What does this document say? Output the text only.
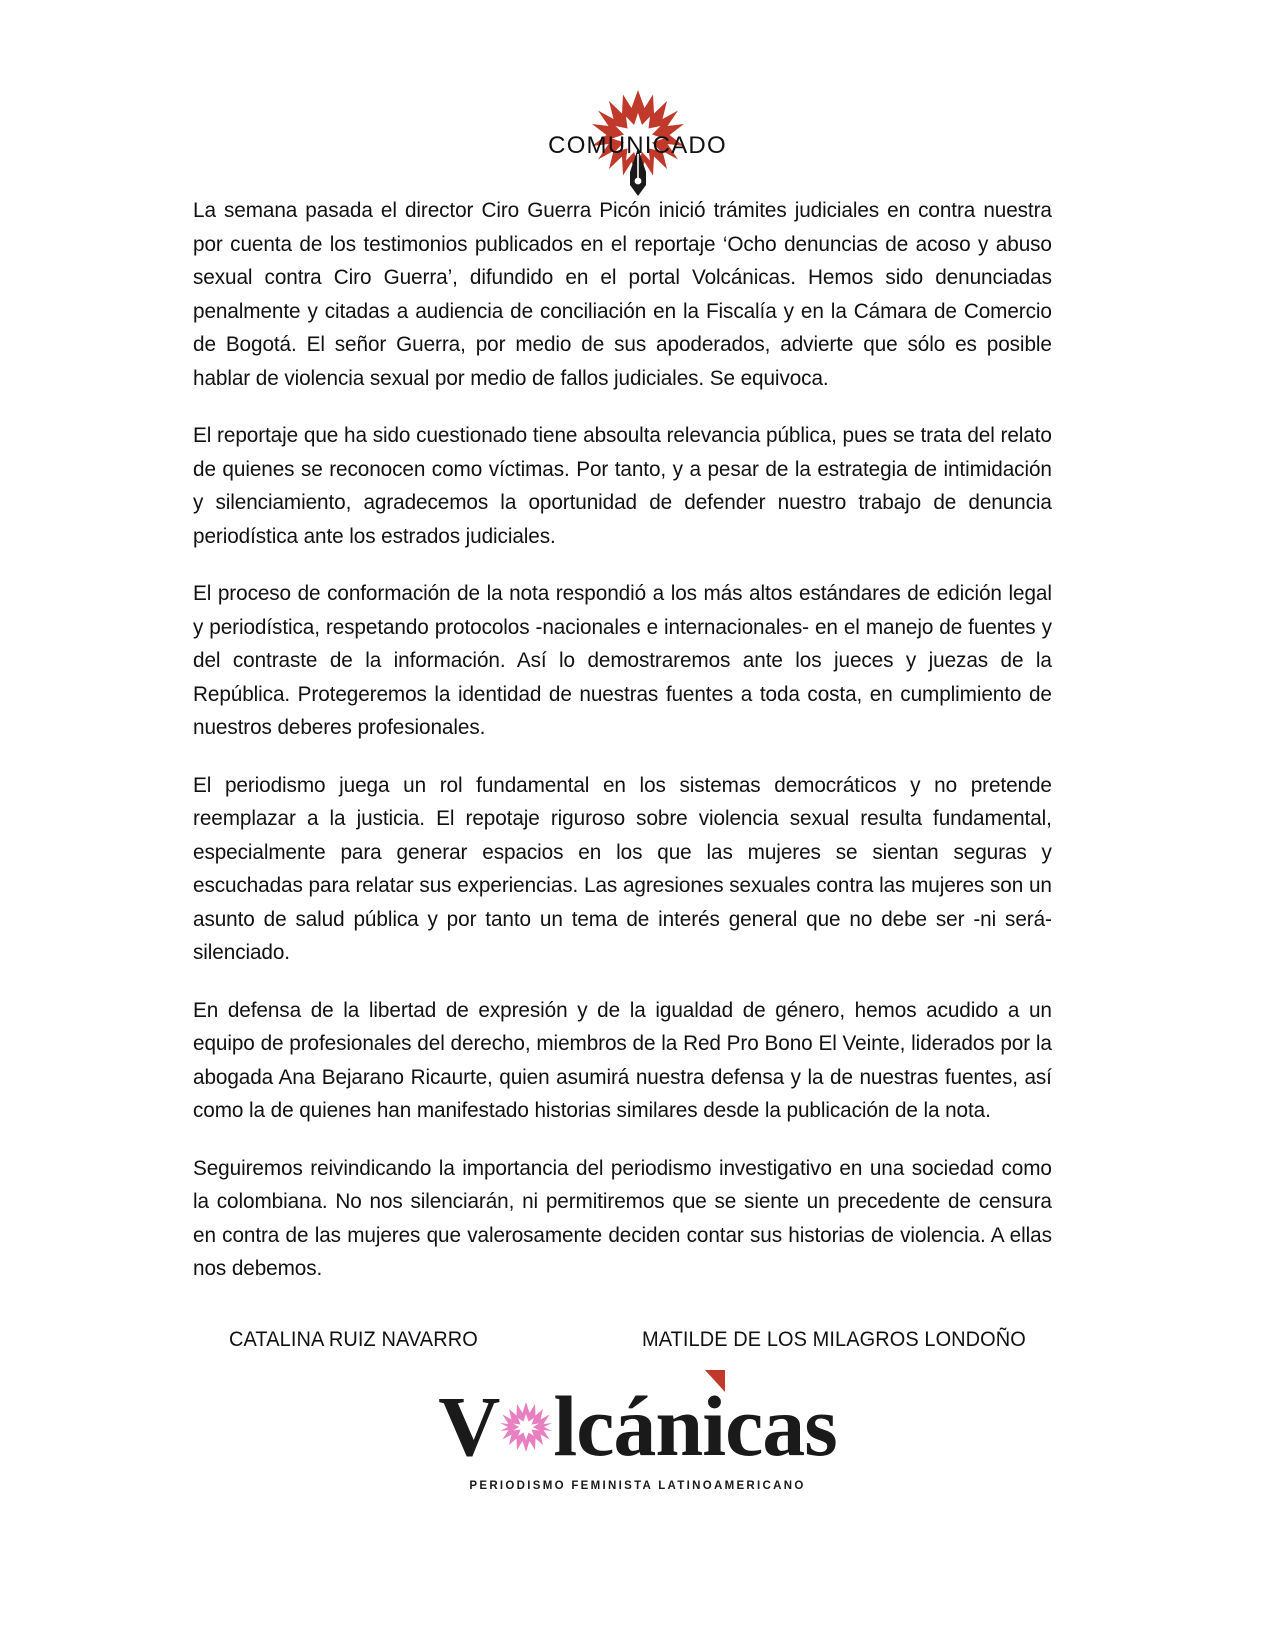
COMUNICADO

La semana pasada el director Ciro Guerra Picón inició trámites judiciales en contra nuestra por cuenta de los testimonios publicados en el reportaje ‘Ocho denuncias de acoso y abuso sexual contra Ciro Guerra’, difundido en el portal Volcánicas. Hemos sido denunciadas penalmente y citadas a audiencia de conciliación en la Fiscalía y en la Cámara de Comercio de Bogotá. El señor Guerra, por medio de sus apoderados, advierte que sólo es posible hablar de violencia sexual por medio de fallos judiciales. Se equivoca.

El reportaje que ha sido cuestionado tiene absoulta relevancia pública, pues se trata del relato de quienes se reconocen como víctimas. Por tanto, y a pesar de la estrategia de intimidación y silenciamiento, agradecemos la oportunidad de defender nuestro trabajo de denuncia periodística ante los estrados judiciales.

El proceso de conformación de la nota respondió a los más altos estándares de edición legal y periodística, respetando protocolos -nacionales e internacionales- en el manejo de fuentes y del contraste de la información. Así lo demostraremos ante los jueces y juezas de la República. Protegeremos la identidad de nuestras fuentes a toda costa, en cumplimiento de nuestros deberes profesionales.

El periodismo juega un rol fundamental en los sistemas democráticos y no pretende reemplazar a la justicia. El repotaje riguroso sobre violencia sexual resulta fundamental, especialmente para generar espacios en los que las mujeres se sientan seguras y escuchadas para relatar sus experiencias. Las agresiones sexuales contra las mujeres son un asunto de salud pública y por tanto un tema de interés general que no debe ser -ni será- silenciado.

En defensa de la libertad de expresión y de la igualdad de género, hemos acudido a un equipo de profesionales del derecho, miembros de la Red Pro Bono El Veinte, liderados por la abogada Ana Bejarano Ricaurte, quien asumirá nuestra defensa y la de nuestras fuentes, así como la de quienes han manifestado historias similares desde la publicación de la nota.

Seguiremos reivindicando la importancia del periodismo investigativo en una sociedad como la colombiana. No nos silenciarán, ni permitiremos que se siente un precedente de censura en contra de las mujeres que valerosamente deciden contar sus historias de violencia. A ellas nos debemos.

CATALINA RUIZ NAVARRO	MATILDE DE LOS MILAGROS LONDOÑO
V lcánicas
PERIODISMO FEMINISTA LATINOAMERICANO
